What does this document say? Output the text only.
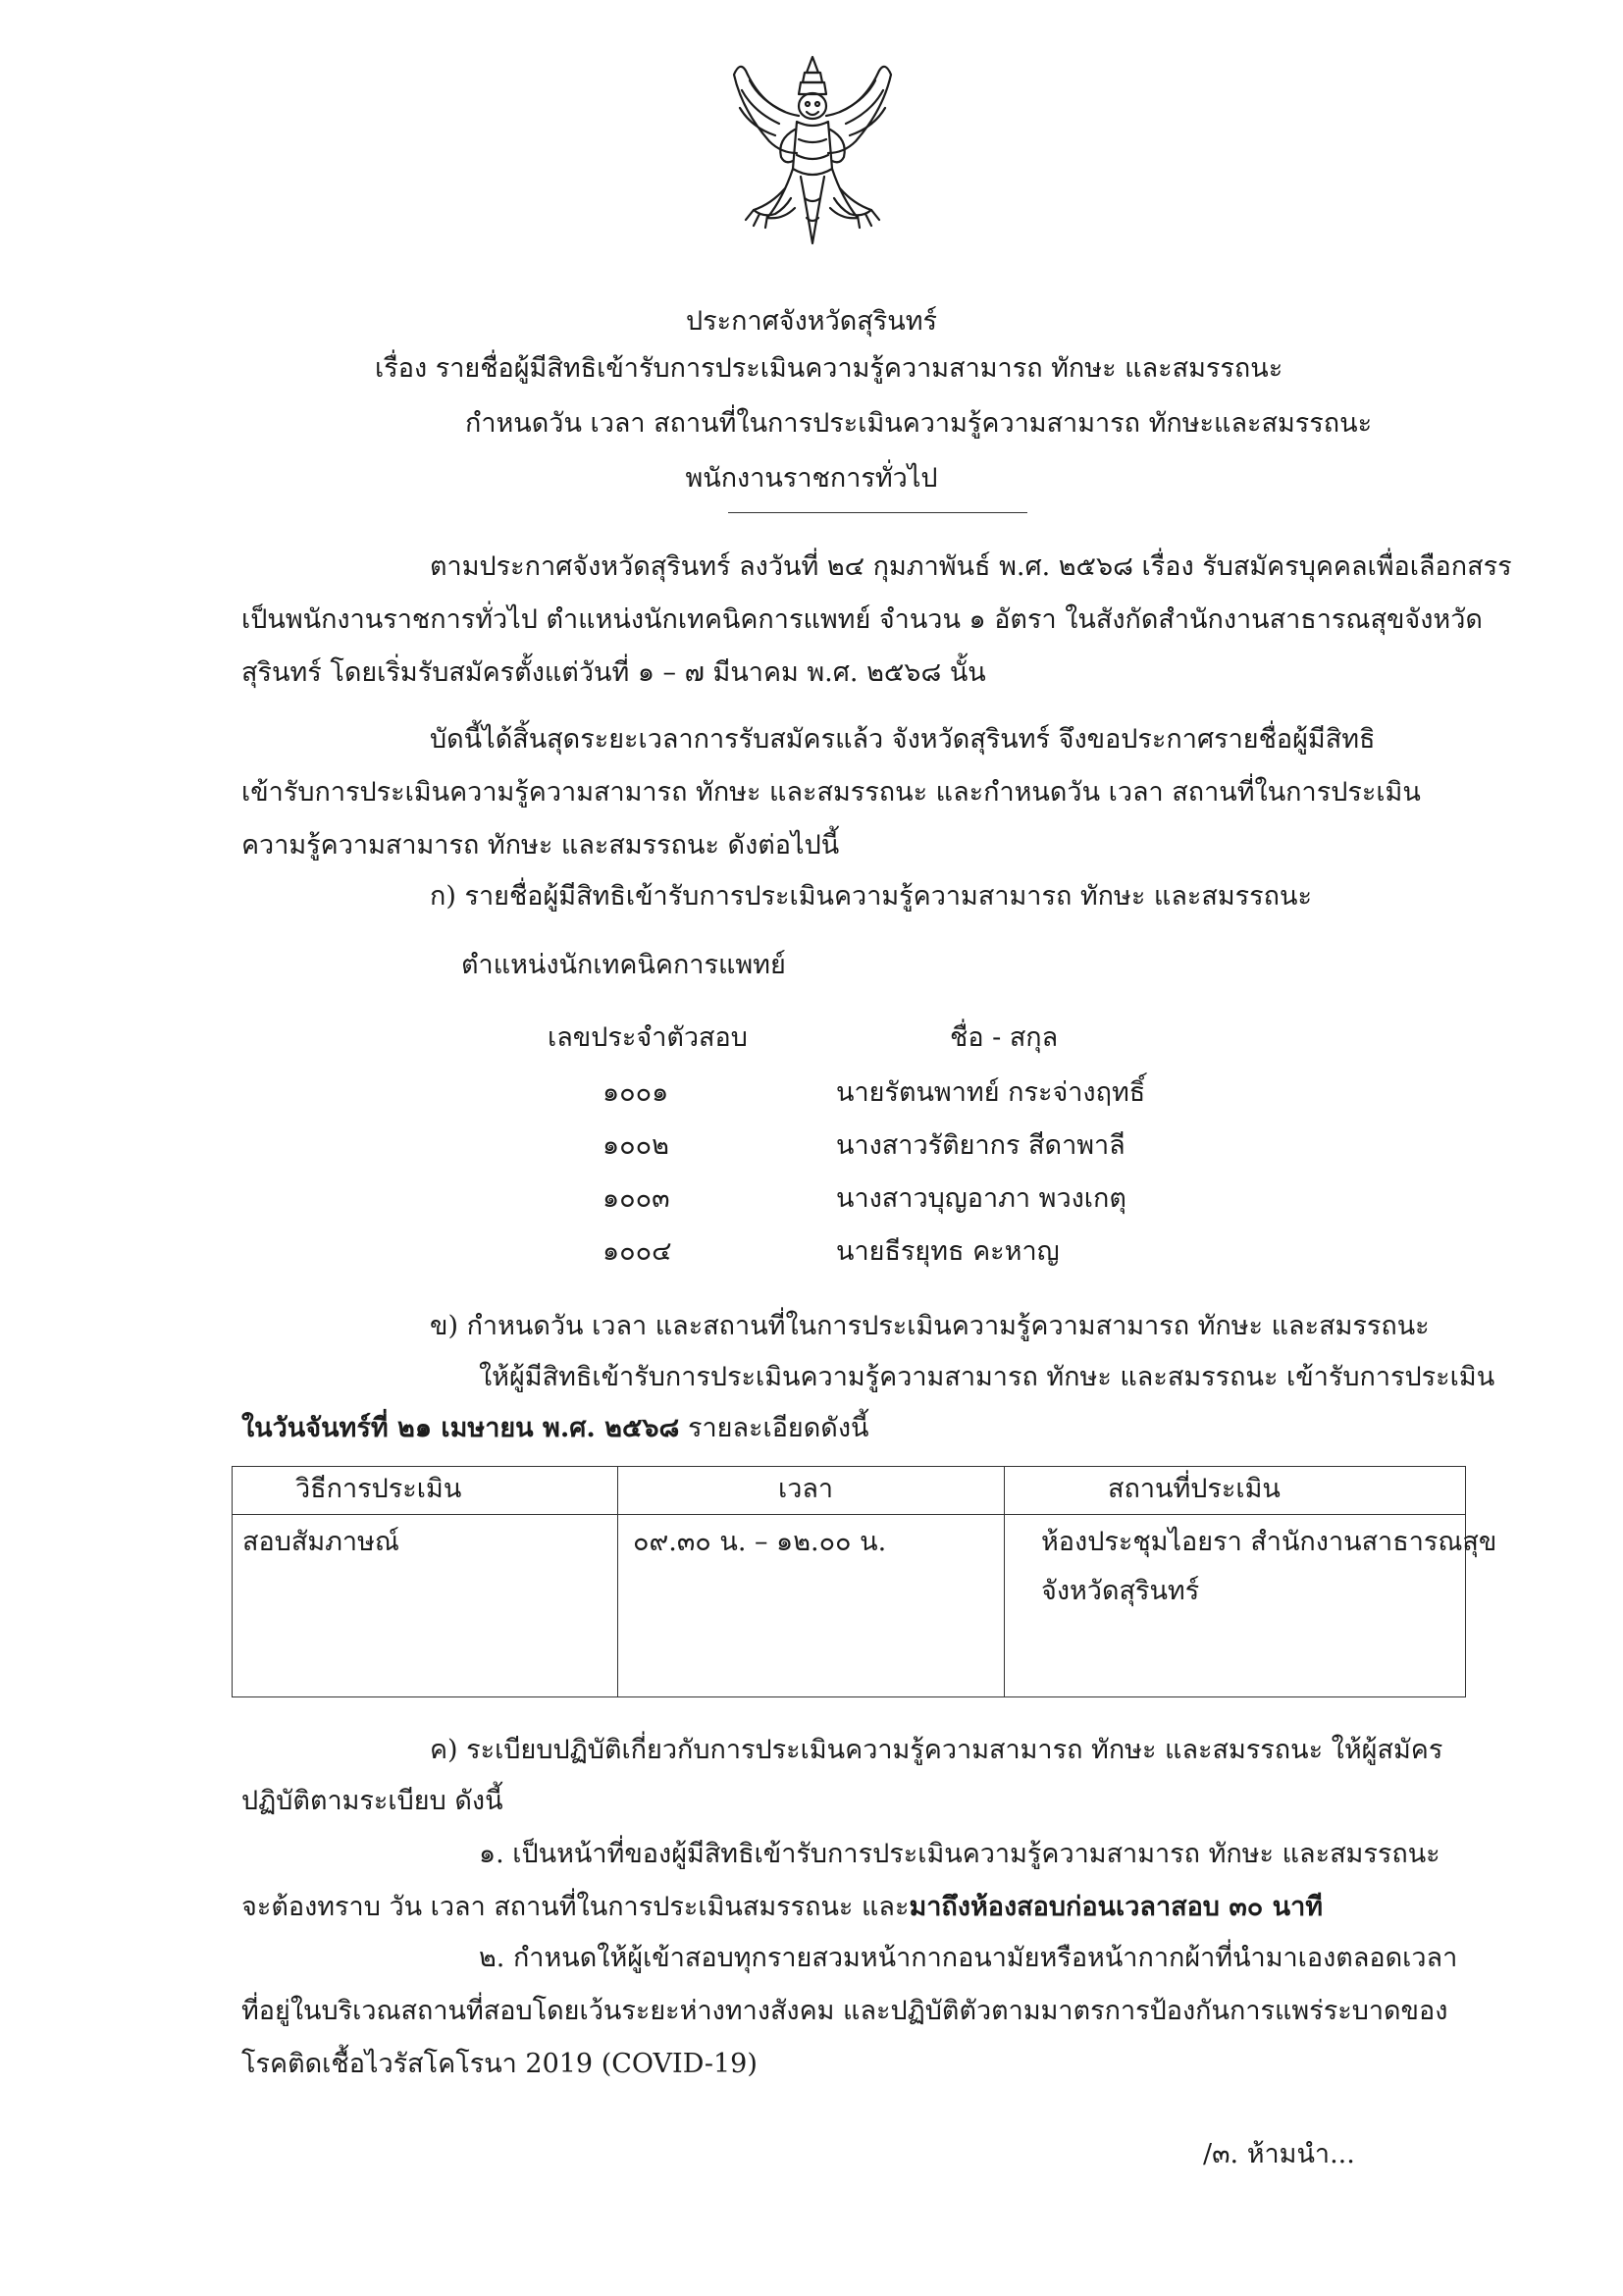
ประกาศจังหวัดสุรินทร์
เรื่อง รายชื่อผู้มีสิทธิเข้ารับการประเมินความรู้ความสามารถ ทักษะ และสมรรถนะ
กำหนดวัน เวลา สถานที่ในการประเมินความรู้ความสามารถ ทักษะและสมรรถนะ
พนักงานราชการทั่วไป
ตามประกาศจังหวัดสุรินทร์ ลงวันที่ ๒๔ กุมภาพันธ์ พ.ศ. ๒๕๖๘ เรื่อง รับสมัครบุคคลเพื่อเลือกสรร
เป็นพนักงานราชการทั่วไป ตำแหน่งนักเทคนิคการแพทย์ จำนวน ๑ อัตรา ในสังกัดสำนักงานสาธารณสุขจังหวัด
สุรินทร์ โดยเริ่มรับสมัครตั้งแต่วันที่ ๑ – ๗ มีนาคม พ.ศ. ๒๕๖๘ นั้น
บัดนี้ได้สิ้นสุดระยะเวลาการรับสมัครแล้ว จังหวัดสุรินทร์ จึงขอประกาศรายชื่อผู้มีสิทธิ
เข้ารับการประเมินความรู้ความสามารถ ทักษะ และสมรรถนะ และกำหนดวัน เวลา สถานที่ในการประเมิน
ความรู้ความสามารถ ทักษะ และสมรรถนะ ดังต่อไปนี้
ก) รายชื่อผู้มีสิทธิเข้ารับการประเมินความรู้ความสามารถ ทักษะ และสมรรถนะ
ตำแหน่งนักเทคนิคการแพทย์
เลขประจำตัวสอบ	ชื่อ - สกุล
๑๐๐๑	นายรัตนพาทย์ กระจ่างฤทธิ์
๑๐๐๒	นางสาวรัติยากร สีดาพาลี
๑๐๐๓	นางสาวบุญอาภา พวงเกตุ
๑๐๐๔	นายธีรยุทธ คะหาญ
ข) กำหนดวัน เวลา และสถานที่ในการประเมินความรู้ความสามารถ ทักษะ และสมรรถนะ
ให้ผู้มีสิทธิเข้ารับการประเมินความรู้ความสามารถ ทักษะ และสมรรถนะ เข้ารับการประเมิน
ในวันจันทร์ที่ ๒๑ เมษายน พ.ศ. ๒๕๖๘ รายละเอียดดังนี้
วิธีการประเมิน	เวลา	สถานที่ประเมิน
สอบสัมภาษณ์	๐๙.๓๐ น. – ๑๒.๐๐ น.	ห้องประชุมไอยรา สำนักงานสาธารณสุข
จังหวัดสุรินทร์
ค) ระเบียบปฏิบัติเกี่ยวกับการประเมินความรู้ความสามารถ ทักษะ และสมรรถนะ ให้ผู้สมัคร
ปฏิบัติตามระเบียบ ดังนี้
๑. เป็นหน้าที่ของผู้มีสิทธิเข้ารับการประเมินความรู้ความสามารถ ทักษะ และสมรรถนะ
จะต้องทราบ วัน เวลา สถานที่ในการประเมินสมรรถนะ และมาถึงห้องสอบก่อนเวลาสอบ ๓๐ นาที
๒. กำหนดให้ผู้เข้าสอบทุกรายสวมหน้ากากอนามัยหรือหน้ากากผ้าที่นำมาเองตลอดเวลา
ที่อยู่ในบริเวณสถานที่สอบโดยเว้นระยะห่างทางสังคม และปฏิบัติตัวตามมาตรการป้องกันการแพร่ระบาดของ
โรคติดเชื้อไวรัสโคโรนา 2019 (COVID-19)
/๓. ห้ามนำ...
